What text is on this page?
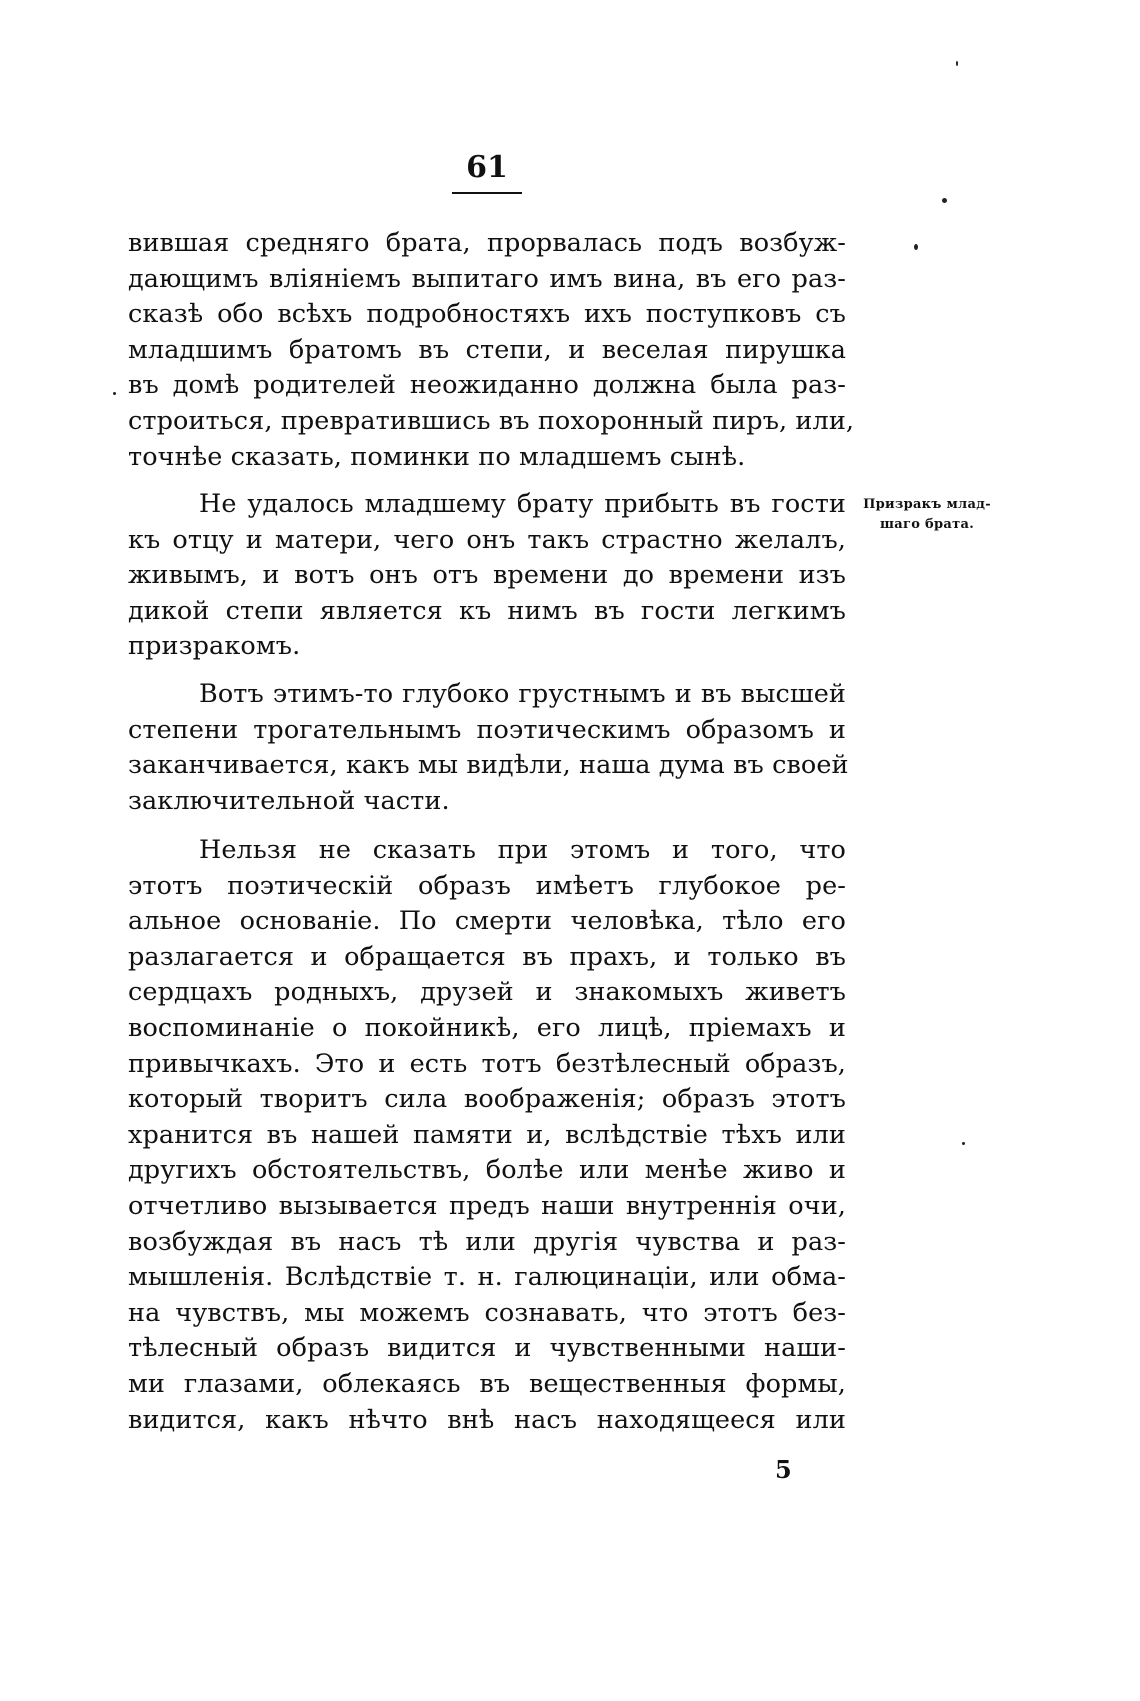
61
вившая средняго брата, прорвалась подъ возбуж-
дающимъ вліяніемъ выпитаго имъ вина, въ его раз-
сказѣ обо всѣхъ подробностяхъ ихъ поступковъ съ
младшимъ братомъ въ степи, и веселая пирушка
въ домѣ родителей неожиданно должна была раз-
строиться, превратившись въ похоронный пиръ, или,
точнѣе сказать, поминки по младшемъ сынѣ.
Не удалось младшему брату прибыть въ гости
къ отцу и матери, чего онъ такъ страстно желалъ,
живымъ, и вотъ онъ отъ времени до времени изъ
дикой степи является къ нимъ въ гости легкимъ
призракомъ.
Вотъ этимъ-то глубоко грустнымъ и въ высшей
степени трогательнымъ поэтическимъ образомъ и
заканчивается, какъ мы видѣли, наша дума въ своей
заключительной части.
Нельзя не сказать при этомъ и того, что
этотъ поэтическій образъ имѣетъ глубокое ре-
альное основаніе. По смерти человѣка, тѣло его
разлагается и обращается въ прахъ, и только въ
сердцахъ родныхъ, друзей и знакомыхъ живетъ
воспоминаніе о покойникѣ, его лицѣ, пріемахъ и
привычкахъ. Это и есть тотъ безтѣлесный образъ,
который творитъ сила воображенія; образъ этотъ
хранится въ нашей памяти и, вслѣдствіе тѣхъ или
другихъ обстоятельствъ, болѣе или менѣе живо и
отчетливо вызывается предъ наши внутреннія очи,
возбуждая въ насъ тѣ или другія чувства и раз-
мышленія. Вслѣдствіе т. н. галюцинаціи, или обма-
на чувствъ, мы можемъ сознавать, что этотъ без-
тѣлесный образъ видится и чувственными наши-
ми глазами, облекаясь въ вещественныя формы,
видится, какъ нѣчто внѣ насъ находящееся или
Призракъ млад-
шаго брата.
5
